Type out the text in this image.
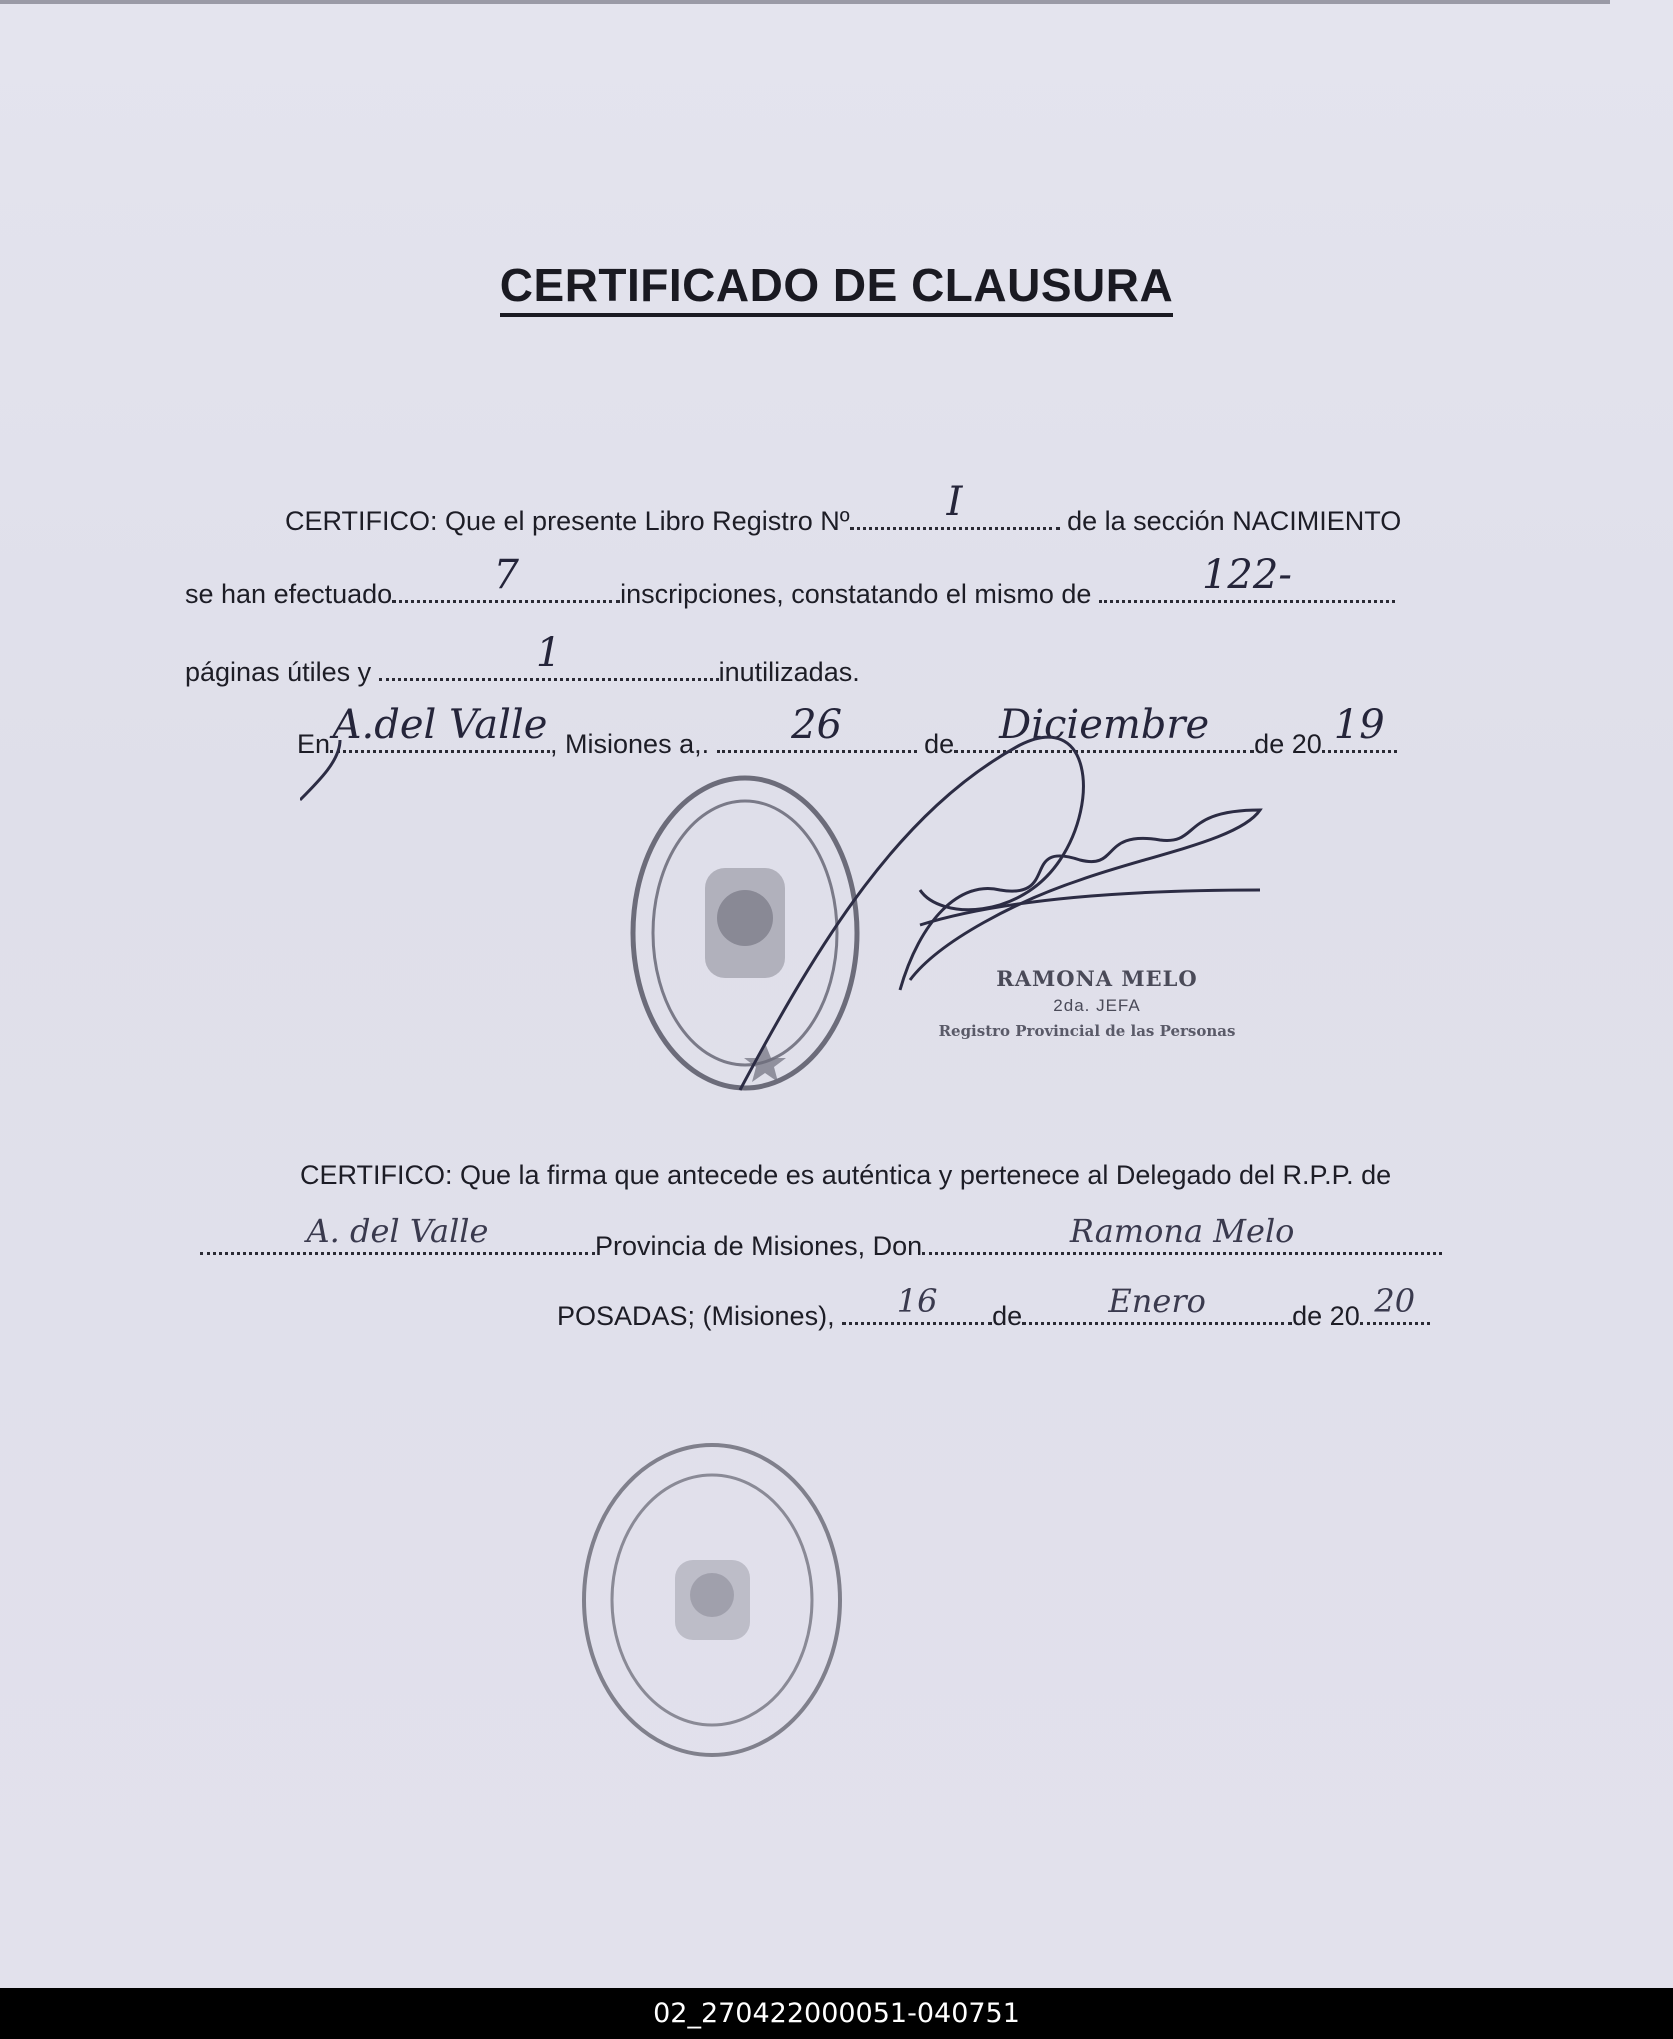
CERTIFICADO DE CLAUSURA
CERTIFICO: Que el presente Libro Registro Nº	I	de la sección NACIMIENTO
se han efectuado	7	inscripciones, constatando el mismo de	122-
páginas útiles y	1	inutilizadas.
En A.del Valle , Misiones a,.	26	de	Diciembre	de 20 19
RAMONA MELO
2da. JEFA
Registro Provincial de las Personas
CERTIFICO: Que la firma que antecede es auténtica y pertenece al Delegado del R.P.P. de
A. del Valle	Provincia de Misiones, Don	Ramona Melo
POSADAS; (Misiones),	16	de	Enero	de 20 20
02_270422000051-040751
